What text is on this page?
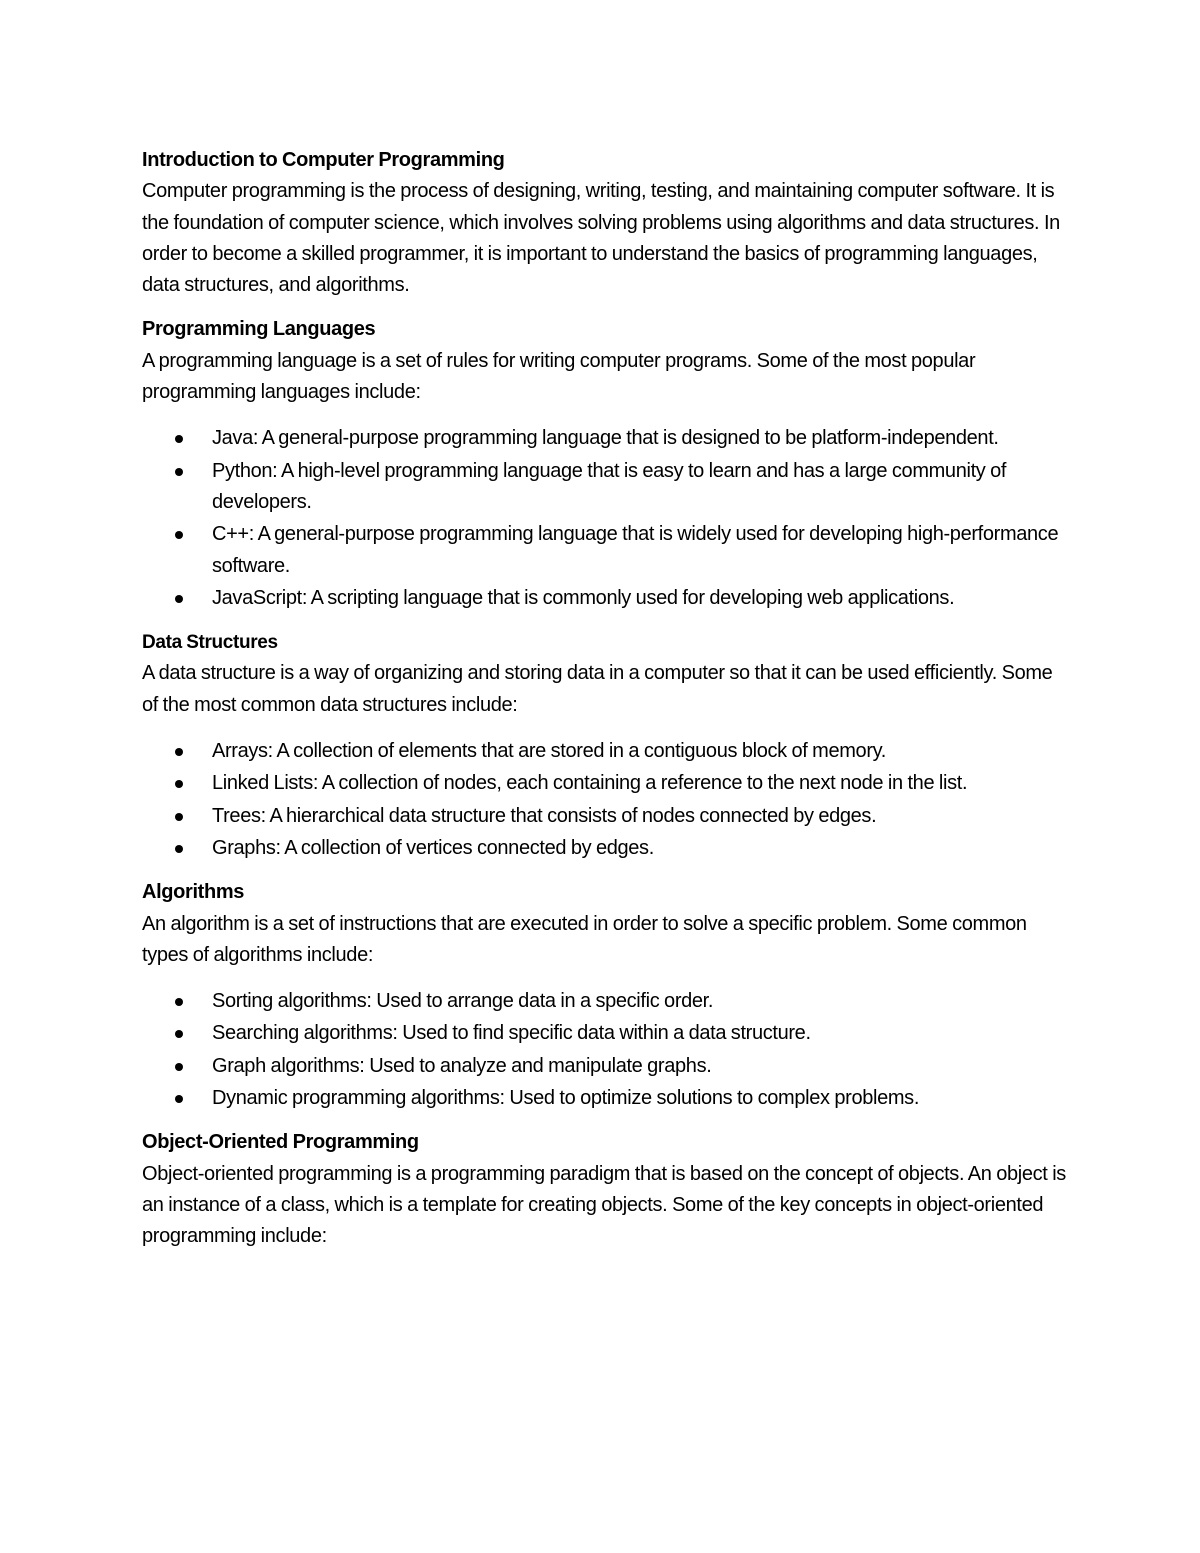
Introduction to Computer Programming

Computer programming is the process of designing, writing, testing, and maintaining computer software. It is the foundation of computer science, which involves solving problems using algorithms and data structures. In order to become a skilled programmer, it is important to understand the basics of programming languages, data structures, and algorithms.

Programming Languages

A programming language is a set of rules for writing computer programs. Some of the most popular programming languages include:

Java: A general-purpose programming language that is designed to be platform-independent.
Python: A high-level programming language that is easy to learn and has a large community of developers.
C++: A general-purpose programming language that is widely used for developing high-performance software.
JavaScript: A scripting language that is commonly used for developing web applications.
Data Structures

A data structure is a way of organizing and storing data in a computer so that it can be used efficiently. Some of the most common data structures include:

Arrays: A collection of elements that are stored in a contiguous block of memory.
Linked Lists: A collection of nodes, each containing a reference to the next node in the list.
Trees: A hierarchical data structure that consists of nodes connected by edges.
Graphs: A collection of vertices connected by edges.
Algorithms

An algorithm is a set of instructions that are executed in order to solve a specific problem. Some common types of algorithms include:

Sorting algorithms: Used to arrange data in a specific order.
Searching algorithms: Used to find specific data within a data structure.
Graph algorithms: Used to analyze and manipulate graphs.
Dynamic programming algorithms: Used to optimize solutions to complex problems.
Object-Oriented Programming

Object-oriented programming is a programming paradigm that is based on the concept of objects. An object is an instance of a class, which is a template for creating objects. Some of the key concepts in object-oriented programming include:
